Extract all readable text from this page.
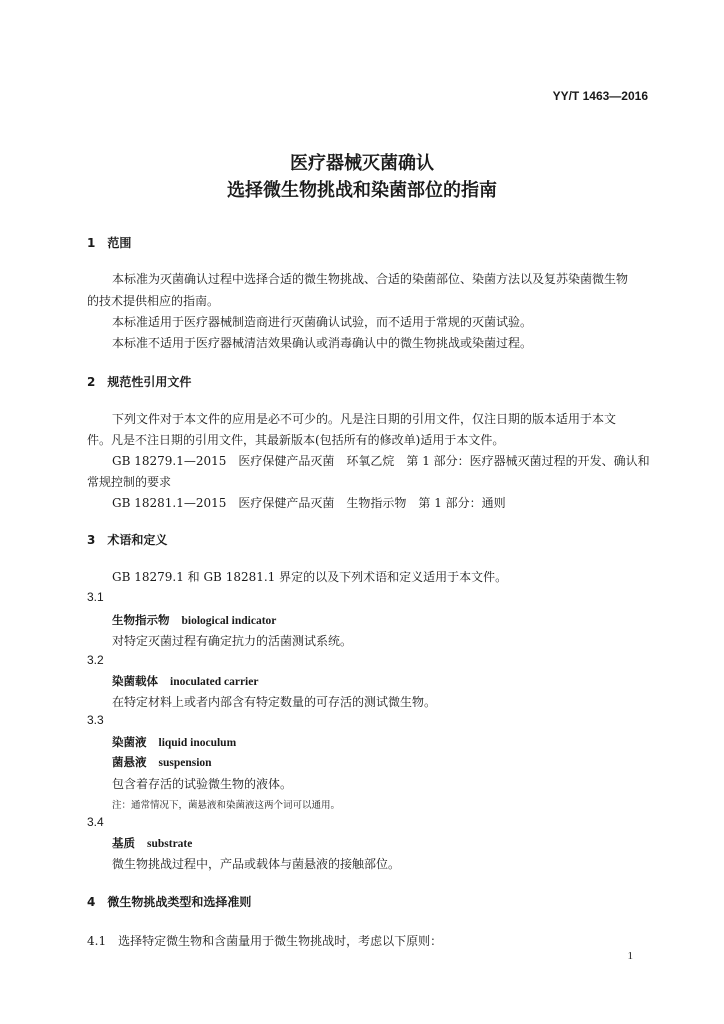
YY/T 1463—2016
医疗器械灭菌确认
选择微生物挑战和染菌部位的指南
1　范围
本标准为灭菌确认过程中选择合适的微生物挑战、合适的染菌部位、染菌方法以及复苏染菌微生物
的技术提供相应的指南。
本标准适用于医疗器械制造商进行灭菌确认试验，而不适用于常规的灭菌试验。
本标准不适用于医疗器械清洁效果确认或消毒确认中的微生物挑战或染菌过程。
2　规范性引用文件
下列文件对于本文件的应用是必不可少的。凡是注日期的引用文件，仅注日期的版本适用于本文
件。凡是不注日期的引用文件，其最新版本(包括所有的修改单)适用于本文件。
GB 18279.1—2015　医疗保健产品灭菌　环氧乙烷　第 1 部分：医疗器械灭菌过程的开发、确认和
常规控制的要求
GB 18281.1—2015　医疗保健产品灭菌　生物指示物　第 1 部分：通则
3　术语和定义
GB 18279.1 和 GB 18281.1 界定的以及下列术语和定义适用于本文件。
3.1
生物指示物 biological indicator
对特定灭菌过程有确定抗力的活菌测试系统。
3.2
染菌载体 inoculated carrier
在特定材料上或者内部含有特定数量的可存活的测试微生物。
3.3
染菌液 liquid inoculum
菌悬液 suspension
包含着存活的试验微生物的液体。
注：通常情况下，菌悬液和染菌液这两个词可以通用。
3.4
基质 substrate
微生物挑战过程中，产品或载体与菌悬液的接触部位。
4　微生物挑战类型和选择准则
4.1　选择特定微生物和含菌量用于微生物挑战时，考虑以下原则：
1
